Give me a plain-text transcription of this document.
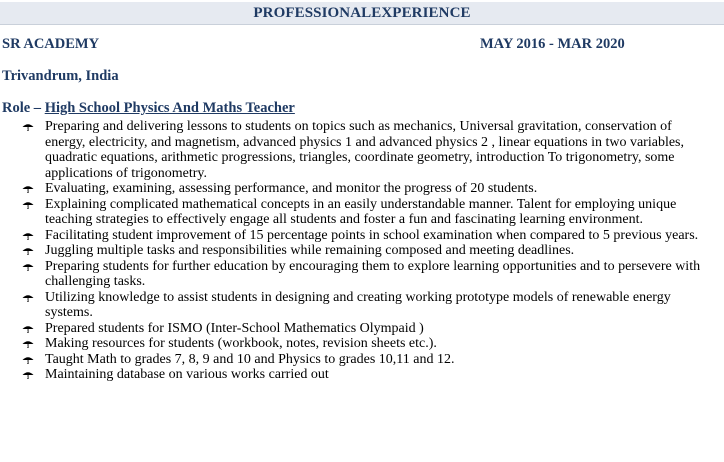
PROFESSIONALEXPERIENCE
SR ACADEMY	MAY 2016 - MAR 2020
Trivandrum, India
Role – High School Physics And Maths Teacher
Preparing and delivering lessons to students on topics such as mechanics, Universal gravitation, conservation of energy, electricity, and magnetism, advanced physics 1 and advanced physics 2 , linear equations in two variables, quadratic equations, arithmetic progressions, triangles, coordinate geometry, introduction To trigonometry, some applications of trigonometry.
Evaluating, examining, assessing performance, and monitor the progress of 20 students.
Explaining complicated mathematical concepts in an easily understandable manner. Talent for employing unique teaching strategies to effectively engage all students and foster a fun and fascinating learning environment.
Facilitating student improvement of 15 percentage points in school examination when compared to 5 previous years.
Juggling multiple tasks and responsibilities while remaining composed and meeting deadlines.
Preparing students for further education by encouraging them to explore learning opportunities and to persevere with challenging tasks.
Utilizing knowledge to assist students in designing and creating working prototype models of renewable energy systems.
Prepared students for ISMO (Inter-School Mathematics Olympaid )
Making resources for students (workbook, notes, revision sheets etc.).
Taught Math to grades 7, 8, 9 and 10 and Physics to grades 10,11 and 12.
Maintaining database on various works carried out
